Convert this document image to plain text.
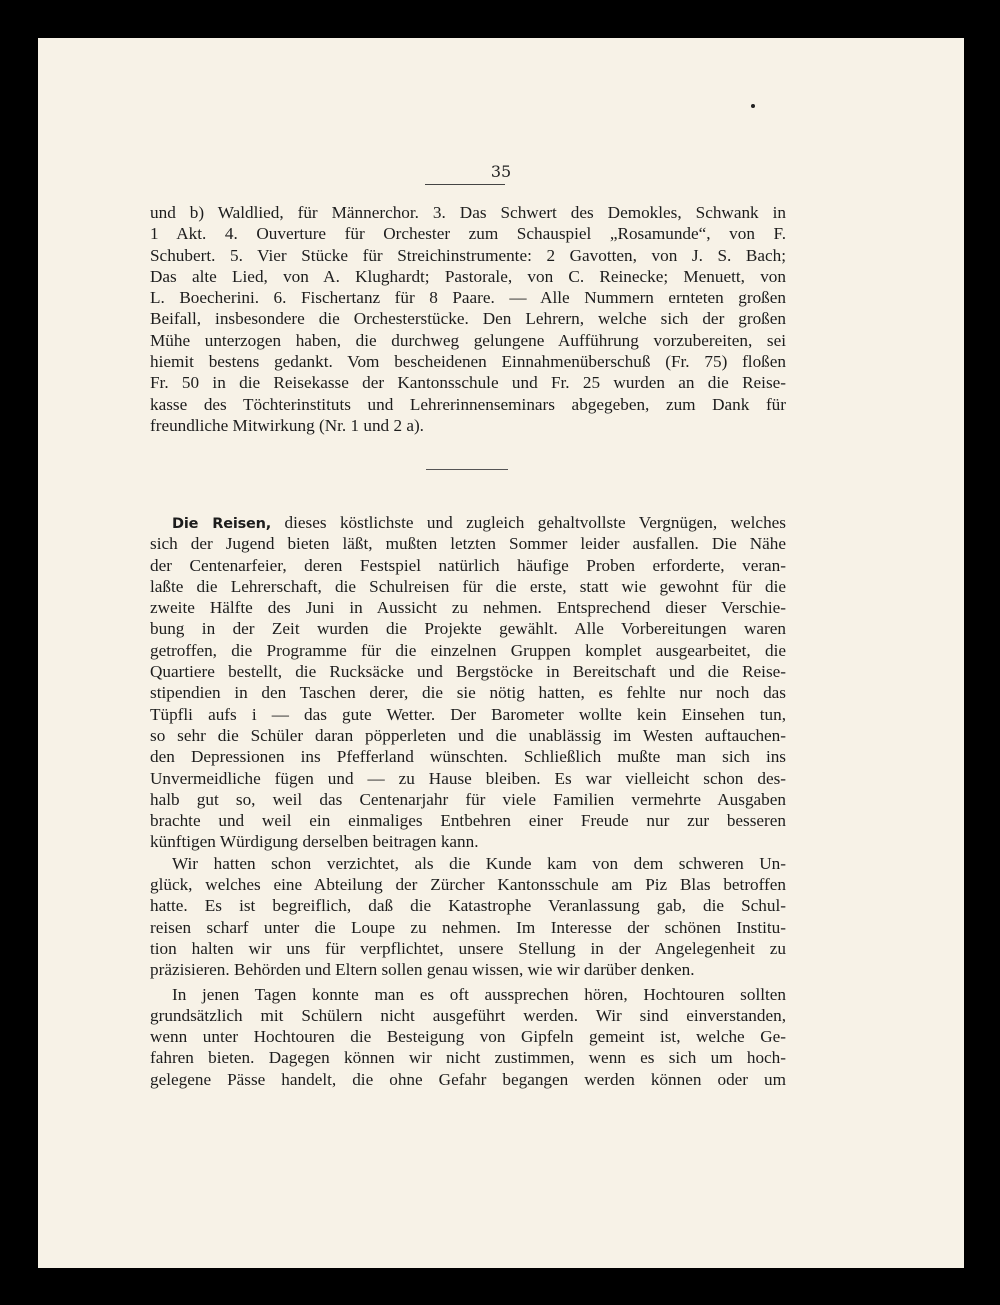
35
und b) Waldlied, für Männerchor. 3. Das Schwert des Demokles, Schwank in
1 Akt. 4. Ouverture für Orchester zum Schauspiel „Rosamunde“, von F.
Schubert. 5. Vier Stücke für Streichinstrumente: 2 Gavotten, von J. S. Bach;
Das alte Lied, von A. Klughardt; Pastorale, von C. Reinecke; Menuett, von
L. Boecherini. 6. Fischertanz für 8 Paare. — Alle Nummern ernteten großen
Beifall, insbesondere die Orchesterstücke. Den Lehrern, welche sich der großen
Mühe unterzogen haben, die durchweg gelungene Aufführung vorzubereiten, sei
hiemit bestens gedankt. Vom bescheidenen Einnahmenüberschuß (Fr. 75) floßen
Fr. 50 in die Reisekasse der Kantonsschule und Fr. 25 wurden an die Reise-
kasse des Töchterinstituts und Lehrerinnenseminars abgegeben, zum Dank für
freundliche Mitwirkung (Nr. 1 und 2 a).
Die Reisen, dieses köstlichste und zugleich gehaltvollste Vergnügen, welches
sich der Jugend bieten läßt, mußten letzten Sommer leider ausfallen. Die Nähe
der Centenarfeier, deren Festspiel natürlich häufige Proben erforderte, veran-
laßte die Lehrerschaft, die Schulreisen für die erste, statt wie gewohnt für die
zweite Hälfte des Juni in Aussicht zu nehmen. Entsprechend dieser Verschie-
bung in der Zeit wurden die Projekte gewählt. Alle Vorbereitungen waren
getroffen, die Programme für die einzelnen Gruppen komplet ausgearbeitet, die
Quartiere bestellt, die Rucksäcke und Bergstöcke in Bereitschaft und die Reise-
stipendien in den Taschen derer, die sie nötig hatten, es fehlte nur noch das
Tüpfli aufs i — das gute Wetter. Der Barometer wollte kein Einsehen tun,
so sehr die Schüler daran pöpperleten und die unablässig im Westen auftauchen-
den Depressionen ins Pfefferland wünschten. Schließlich mußte man sich ins
Unvermeidliche fügen und — zu Hause bleiben. Es war vielleicht schon des-
halb gut so, weil das Centenarjahr für viele Familien vermehrte Ausgaben
brachte und weil ein einmaliges Entbehren einer Freude nur zur besseren
künftigen Würdigung derselben beitragen kann.
Wir hatten schon verzichtet, als die Kunde kam von dem schweren Un-
glück, welches eine Abteilung der Zürcher Kantonsschule am Piz Blas betroffen
hatte. Es ist begreiflich, daß die Katastrophe Veranlassung gab, die Schul-
reisen scharf unter die Loupe zu nehmen. Im Interesse der schönen Institu-
tion halten wir uns für verpflichtet, unsere Stellung in der Angelegenheit zu
präzisieren. Behörden und Eltern sollen genau wissen, wie wir darüber denken.
In jenen Tagen konnte man es oft aussprechen hören, Hochtouren sollten
grundsätzlich mit Schülern nicht ausgeführt werden. Wir sind einverstanden,
wenn unter Hochtouren die Besteigung von Gipfeln gemeint ist, welche Ge-
fahren bieten. Dagegen können wir nicht zustimmen, wenn es sich um hoch-
gelegene Pässe handelt, die ohne Gefahr begangen werden können oder um
